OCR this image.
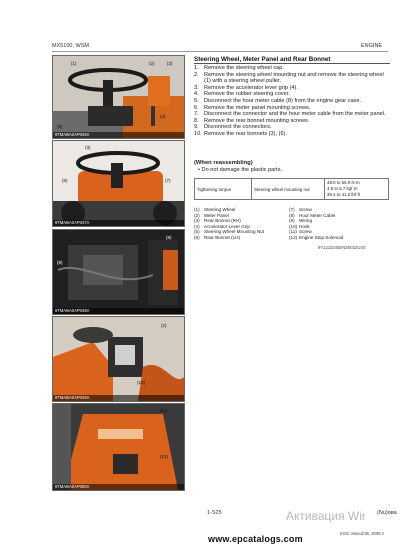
MX5100, WSM	ENGINE
(1)	(2)	(3)
(4)
(5)
9TMABA0AP046A
(3)
(6)	(7)
9TMABA0AP047A
(8)
(9)
9TMABA0AP048A
(2)
(10)
9TMABA0AP049A
(11)
(12)
9TMABA0AP050A
Steering Wheel, Meter Panel and Rear Bonnet
1. Remove the steering wheel cap.
2. Remove the steering wheel mounting nut and remove the steering wheel (1) with a steering wheel puller.
3. Remove the accelerator lever grip (4).
4. Remove the rubber steering cover.
5. Disconnect the hour meter cable (8) from the engine gear case.
6. Remove the meter panel mounting screws.
7. Disconnect the connector and the hour meter cable from the meter panel.
8. Remove the rear bonnet mounting screws.
9. Disconnect the connectors.
10. Remove the rear bonnets (3), (6).
(When reassembling)
• Do not damage the plastic parts.
Tightening torque	Steering wheel mounting nut	
48.0 to 55.9 N·m
4.9 to 5.7 kgf·m
35.4 to 41.2 lbf·ft
(1) Steering Wheel	(7) Screw
(2) Meter Panel	(8) Hour Meter Cable
(3) Rear Bonnet (RH)	(9) Wiring
(4) Accelerator Lever Grip	(10) Hook
(5) Steering Wheel Mounting Nut	(11) Screw
(6) Rear Bonnet (LH)	(12) Engine Stop Solenoid
9Y1210245ENS0022US0
1-S25	(Nu)ова
Активация Wir
KISC issued 05, 2009 A
www.epcatalogs.com
